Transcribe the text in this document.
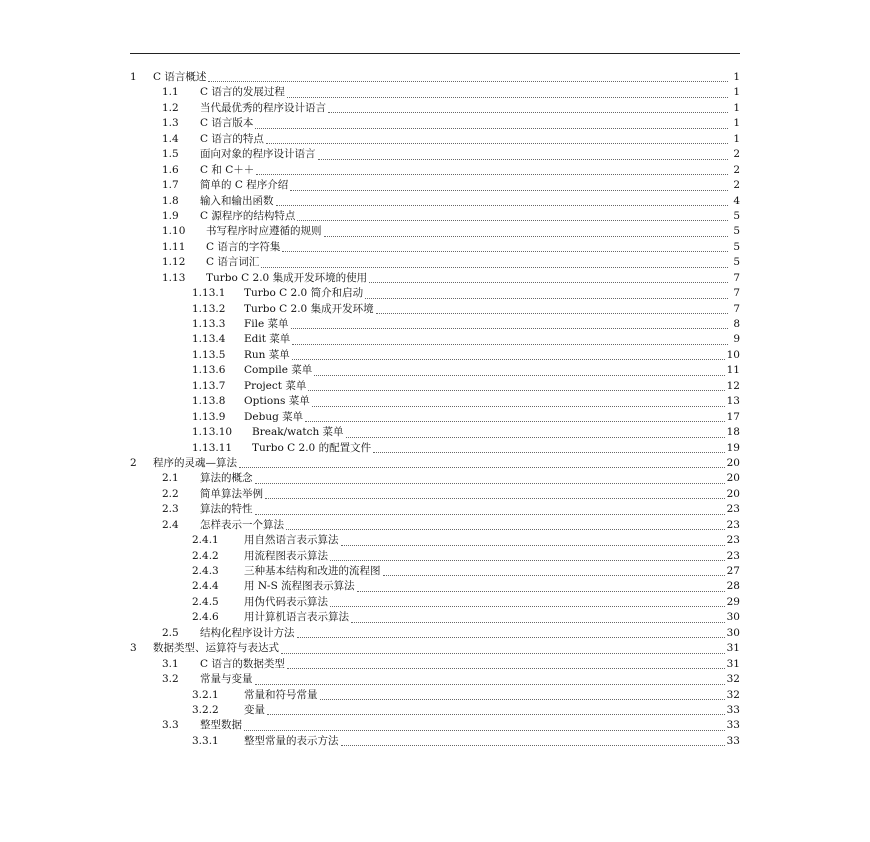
1	C 语言概述	1
1.1	C 语言的发展过程	1
1.2	当代最优秀的程序设计语言	1
1.3	C 语言版本	1
1.4	C 语言的特点	1
1.5	面向对象的程序设计语言	2
1.6	C 和 C＋＋	2
1.7	简单的 C 程序介绍	2
1.8	输入和输出函数	4
1.9	C 源程序的结构特点	5
1.10	书写程序时应遵循的规则	5
1.11	C 语言的字符集	5
1.12	C 语言词汇	5
1.13	Turbo C 2.0 集成开发环境的使用	7
1.13.1	Turbo C 2.0 简介和启动	7
1.13.2	Turbo C 2.0 集成开发环境	7
1.13.3	File 菜单	8
1.13.4	Edit 菜单	9
1.13.5	Run 菜单	10
1.13.6	Compile 菜单	11
1.13.7	Project 菜单	12
1.13.8	Options 菜单	13
1.13.9	Debug 菜单	17
1.13.10	Break/watch 菜单	18
1.13.11	Turbo C 2.0 的配置文件	19
2	程序的灵魂—算法	20
2.1	算法的概念	20
2.2	简单算法举例	20
2.3	算法的特性	23
2.4	怎样表示一个算法	23
2.4.1	用自然语言表示算法	23
2.4.2	用流程图表示算法	23
2.4.3	三种基本结构和改进的流程图	27
2.4.4	用 N-S 流程图表示算法	28
2.4.5	用伪代码表示算法	29
2.4.6	用计算机语言表示算法	30
2.5	结构化程序设计方法	30
3	数据类型、运算符与表达式	31
3.1	C 语言的数据类型	31
3.2	常量与变量	32
3.2.1	常量和符号常量	32
3.2.2	变量	33
3.3	整型数据	33
3.3.1	整型常量的表示方法	33
